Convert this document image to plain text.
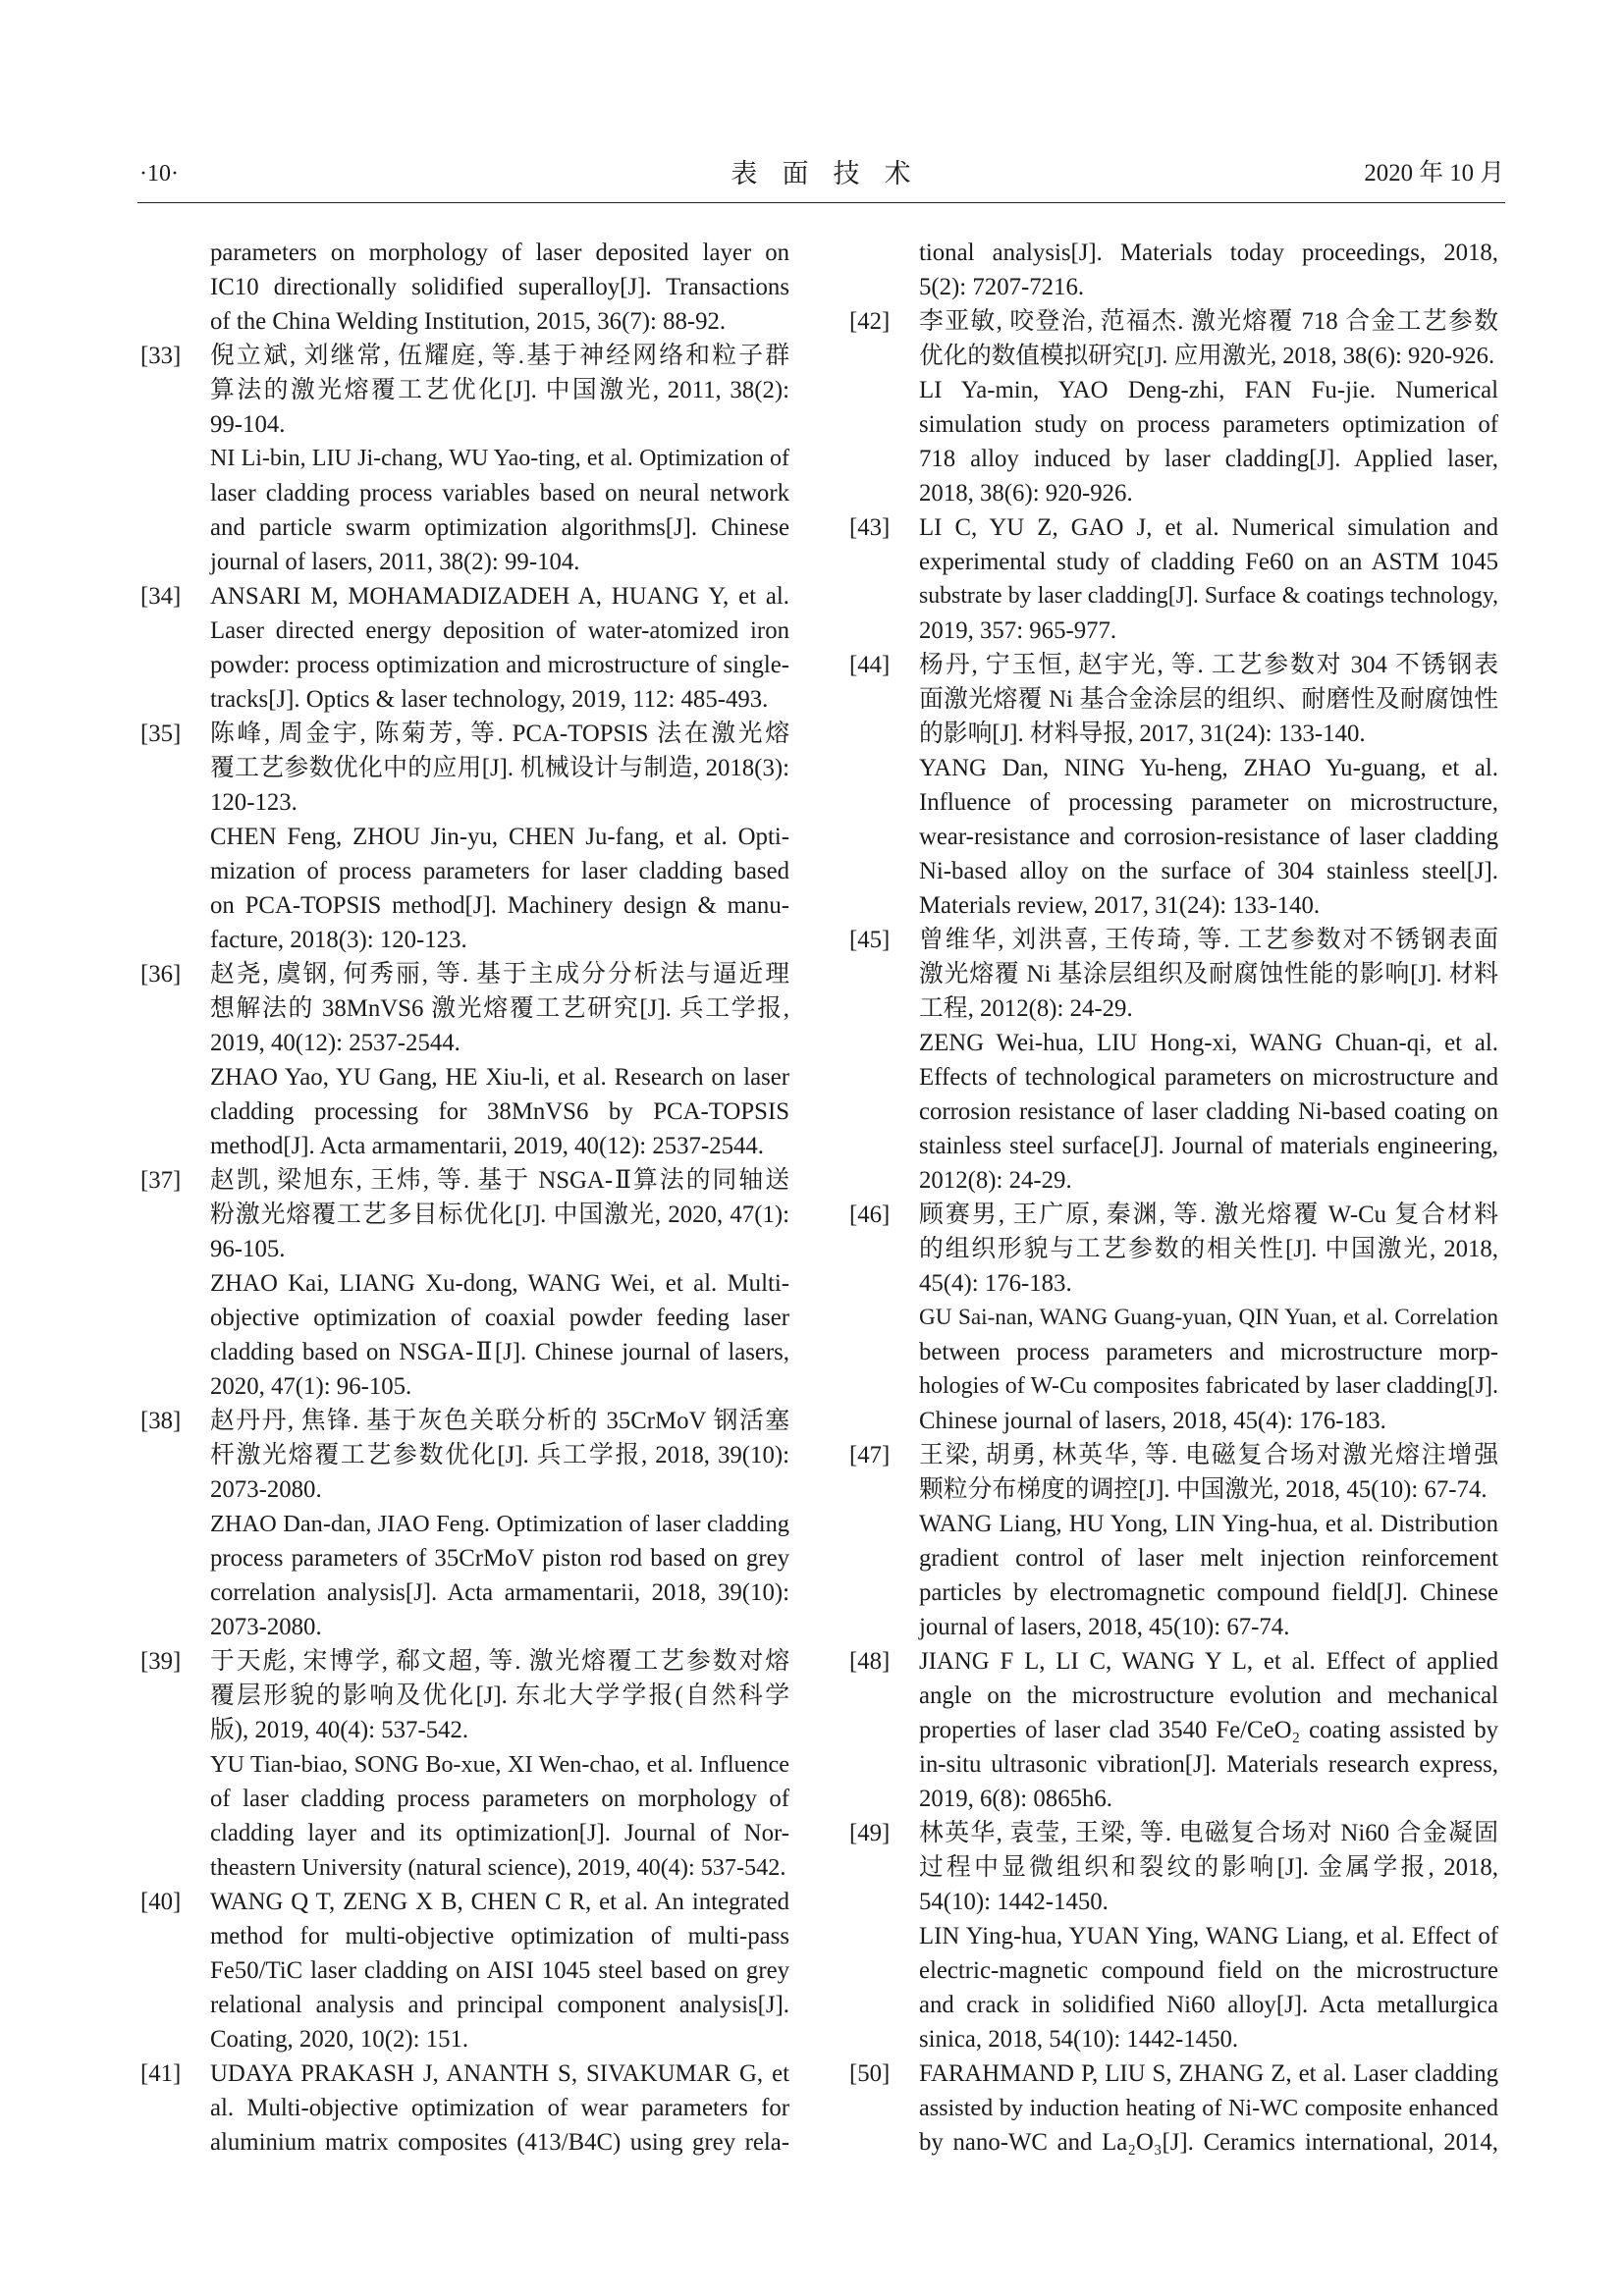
·10·	表 面 技 术	2020 年 10 月
parameters on morphology of laser deposited layer on
IC10 directionally solidified superalloy[J]. Transactions
of the China Welding Institution, 2015, 36(7): 88-92.
[33] 倪立斌, 刘继常, 伍耀庭, 等.基于神经网络和粒子群
算法的激光熔覆工艺优化[J]. 中国激光, 2011, 38(2):
99-104.
NI Li-bin, LIU Ji-chang, WU Yao-ting, et al. Optimization of
laser cladding process variables based on neural network
and particle swarm optimization algorithms[J]. Chinese
journal of lasers, 2011, 38(2): 99-104.
[34] ANSARI M, MOHAMADIZADEH A, HUANG Y, et al.
Laser directed energy deposition of water-atomized iron
powder: process optimization and microstructure of single-
tracks[J]. Optics & laser technology, 2019, 112: 485-493.
[35] 陈峰, 周金宇, 陈菊芳, 等. PCA-TOPSIS 法在激光熔
覆工艺参数优化中的应用[J]. 机械设计与制造, 2018(3):
120-123.
CHEN Feng, ZHOU Jin-yu, CHEN Ju-fang, et al. Opti-
mization of process parameters for laser cladding based
on PCA-TOPSIS method[J]. Machinery design & manu-
facture, 2018(3): 120-123.
[36] 赵尧, 虞钢, 何秀丽, 等. 基于主成分分析法与逼近理
想解法的 38MnVS6 激光熔覆工艺研究[J]. 兵工学报,
2019, 40(12): 2537-2544.
ZHAO Yao, YU Gang, HE Xiu-li, et al. Research on laser
cladding processing for 38MnVS6 by PCA-TOPSIS
method[J]. Acta armamentarii, 2019, 40(12): 2537-2544.
[37] 赵凯, 梁旭东, 王炜, 等. 基于 NSGA-Ⅱ算法的同轴送
粉激光熔覆工艺多目标优化[J]. 中国激光, 2020, 47(1):
96-105.
ZHAO Kai, LIANG Xu-dong, WANG Wei, et al. Multi-
objective optimization of coaxial powder feeding laser
cladding based on NSGA-Ⅱ[J]. Chinese journal of lasers,
2020, 47(1): 96-105.
[38] 赵丹丹, 焦锋. 基于灰色关联分析的 35CrMoV 钢活塞
杆激光熔覆工艺参数优化[J]. 兵工学报, 2018, 39(10):
2073-2080.
ZHAO Dan-dan, JIAO Feng. Optimization of laser cladding
process parameters of 35CrMoV piston rod based on grey
correlation analysis[J]. Acta armamentarii, 2018, 39(10):
2073-2080.
[39] 于天彪, 宋博学, 郗文超, 等. 激光熔覆工艺参数对熔
覆层形貌的影响及优化[J]. 东北大学学报(自然科学
版), 2019, 40(4): 537-542.
YU Tian-biao, SONG Bo-xue, XI Wen-chao, et al. Influence
of laser cladding process parameters on morphology of
cladding layer and its optimization[J]. Journal of Nor-
theastern University (natural science), 2019, 40(4): 537-542.
[40] WANG Q T, ZENG X B, CHEN C R, et al. An integrated
method for multi-objective optimization of multi-pass
Fe50/TiC laser cladding on AISI 1045 steel based on grey
relational analysis and principal component analysis[J].
Coating, 2020, 10(2): 151.
[41] UDAYA PRAKASH J, ANANTH S, SIVAKUMAR G, et
al. Multi-objective optimization of wear parameters for
aluminium matrix composites (413/B4C) using grey rela-
tional analysis[J]. Materials today proceedings, 2018,
5(2): 7207-7216.
[42] 李亚敏, 咬登治, 范福杰. 激光熔覆 718 合金工艺参数
优化的数值模拟研究[J]. 应用激光, 2018, 38(6): 920-926.
LI Ya-min, YAO Deng-zhi, FAN Fu-jie. Numerical
simulation study on process parameters optimization of
718 alloy induced by laser cladding[J]. Applied laser,
2018, 38(6): 920-926.
[43] LI C, YU Z, GAO J, et al. Numerical simulation and
experimental study of cladding Fe60 on an ASTM 1045
substrate by laser cladding[J]. Surface & coatings technology,
2019, 357: 965-977.
[44] 杨丹, 宁玉恒, 赵宇光, 等. 工艺参数对 304 不锈钢表
面激光熔覆 Ni 基合金涂层的组织、耐磨性及耐腐蚀性
的影响[J]. 材料导报, 2017, 31(24): 133-140.
YANG Dan, NING Yu-heng, ZHAO Yu-guang, et al.
Influence of processing parameter on microstructure,
wear-resistance and corrosion-resistance of laser cladding
Ni-based alloy on the surface of 304 stainless steel[J].
Materials review, 2017, 31(24): 133-140.
[45] 曾维华, 刘洪喜, 王传琦, 等. 工艺参数对不锈钢表面
激光熔覆 Ni 基涂层组织及耐腐蚀性能的影响[J]. 材料
工程, 2012(8): 24-29.
ZENG Wei-hua, LIU Hong-xi, WANG Chuan-qi, et al.
Effects of technological parameters on microstructure and
corrosion resistance of laser cladding Ni-based coating on
stainless steel surface[J]. Journal of materials engineering,
2012(8): 24-29.
[46] 顾赛男, 王广原, 秦渊, 等. 激光熔覆 W-Cu 复合材料
的组织形貌与工艺参数的相关性[J]. 中国激光, 2018,
45(4): 176-183.
GU Sai-nan, WANG Guang-yuan, QIN Yuan, et al. Correlation
between process parameters and microstructure morp-
hologies of W-Cu composites fabricated by laser cladding[J].
Chinese journal of lasers, 2018, 45(4): 176-183.
[47] 王梁, 胡勇, 林英华, 等. 电磁复合场对激光熔注增强
颗粒分布梯度的调控[J]. 中国激光, 2018, 45(10): 67-74.
WANG Liang, HU Yong, LIN Ying-hua, et al. Distribution
gradient control of laser melt injection reinforcement
particles by electromagnetic compound field[J]. Chinese
journal of lasers, 2018, 45(10): 67-74.
[48] JIANG F L, LI C, WANG Y L, et al. Effect of applied
angle on the microstructure evolution and mechanical
properties of laser clad 3540 Fe/CeO₂ coating assisted by
in-situ ultrasonic vibration[J]. Materials research express,
2019, 6(8): 0865h6.
[49] 林英华, 袁莹, 王梁, 等. 电磁复合场对 Ni60 合金凝固
过程中显微组织和裂纹的影响[J]. 金属学报, 2018,
54(10): 1442-1450.
LIN Ying-hua, YUAN Ying, WANG Liang, et al. Effect of
electric-magnetic compound field on the microstructure
and crack in solidified Ni60 alloy[J]. Acta metallurgica
sinica, 2018, 54(10): 1442-1450.
[50] FARAHMAND P, LIU S, ZHANG Z, et al. Laser cladding
assisted by induction heating of Ni-WC composite enhanced
by nano-WC and La₂O₃[J]. Ceramics international, 2014,
